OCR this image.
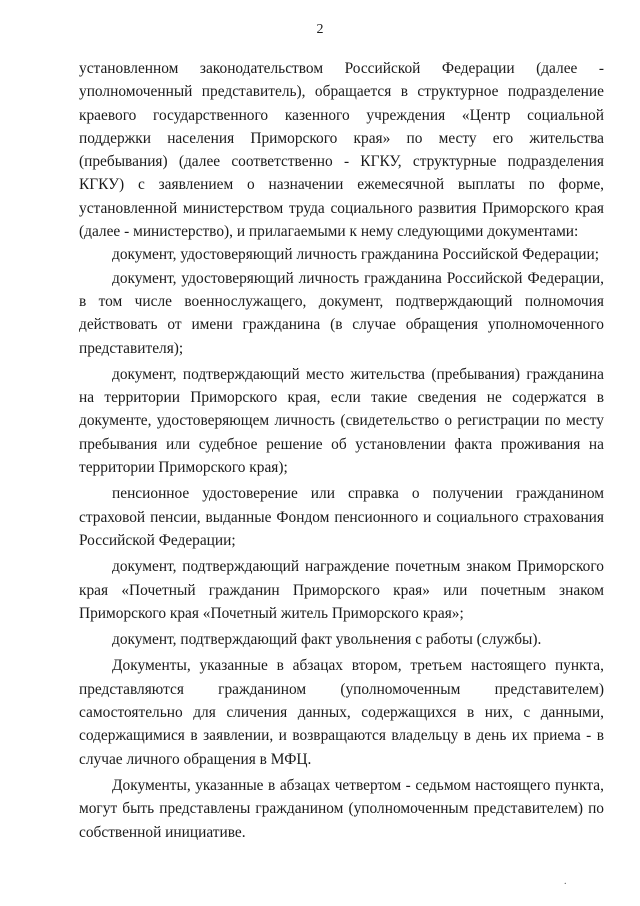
2

установленном законодательством Российской Федерации (далее - уполномоченный представитель), обращается в структурное подразделение краевого государственного казенного учреждения «Центр социальной поддержки населения Приморского края» по месту его жительства (пребывания) (далее соответственно - КГКУ, структурные подразделения КГКУ) с заявлением о назначении ежемесячной выплаты по форме, установленной министерством труда социального развития Приморского края (далее - министерство), и прилагаемыми к нему следующими документами:

документ, удостоверяющий личность гражданина Российской Федерации;

документ, удостоверяющий личность гражданина Российской Федерации, в том числе военнослужащего, документ, подтверждающий полномочия действовать от имени гражданина (в случае обращения уполномоченного представителя);

документ, подтверждающий место жительства (пребывания) гражданина на территории Приморского края, если такие сведения не содержатся в документе, удостоверяющем личность (свидетельство о регистрации по месту пребывания или судебное решение об установлении факта проживания на территории Приморского края);

пенсионное удостоверение или справка о получении гражданином страховой пенсии, выданные Фондом пенсионного и социального страхования Российской Федерации;

документ, подтверждающий награждение почетным знаком Приморского края «Почетный гражданин Приморского края» или почетным знаком Приморского края «Почетный житель Приморского края»;

документ, подтверждающий факт увольнения с работы (службы).

Документы, указанные в абзацах втором, третьем настоящего пункта, представляются гражданином (уполномоченным представителем) самостоятельно для сличения данных, содержащихся в них, с данными, содержащимися в заявлении, и возвращаются владельцу в день их приема - в случае личного обращения в МФЦ.

Документы, указанные в абзацах четвертом - седьмом настоящего пункта, могут быть представлены гражданином (уполномоченным представителем) по собственной инициативе.

.
